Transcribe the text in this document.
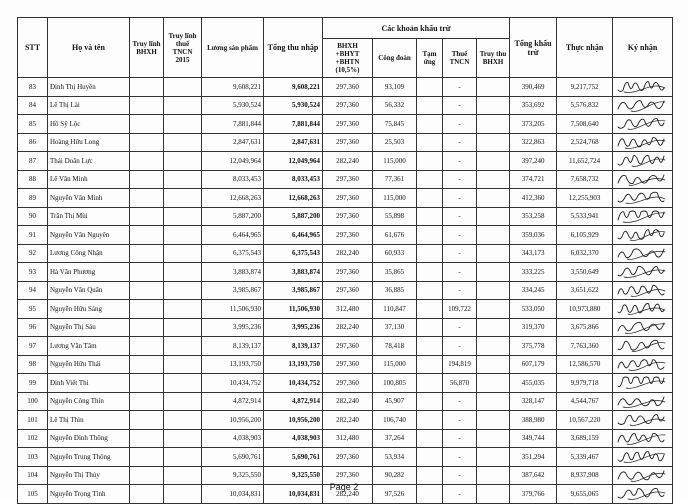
STT	Họ và tên	Truy lĩnh BHXH	Truy lĩnh thuế TNCN 2015	Lương sản phẩm	Tổng thu nhập	Các khoản khấu trừ					Tổng khấu trừ	Thực nhận	Ký nhận
						BHXH +BHYT +BHTN (10,5%)	Công đoàn	Tạm ứng	Thuế TNCN	Truy thu BHXH			
83	Đinh Thị Huyền			9,608,221	9,608,221	297,360	93,109		-		390,469	9,217,752	

84	Lê Thị Lài			5,930,524	5,930,524	297,360	56,332		-		353,692	5,576,832	

85	Hồ Sỹ Lộc			7,881,844	7,881,844	297,360	75,845		-		373,205	7,508,640	

86	Hoàng Hữu Long			2,847,631	2,847,631	297,360	25,503		-		322,863	2,524,768	

87	Thái Doãn Lực			12,049,964	12,049,964	282,240	115,000		-		397,240	11,652,724	

88	Lê Văn Minh			8,033,453	8,033,453	297,360	77,361		-		374,721	7,658,732	

89	Nguyễn Văn Minh			12,668,263	12,668,263	297,360	115,000		-		412,360	12,255,903	

90	Trần Thị Mùi			5,887,200	5,887,200	297,360	55,898		-		353,258	5,533,941	

91	Nguyễn Văn Nguyên			6,464,965	6,464,965	297,360	61,676		-		359,036	6,105,929	

92	Lương Công Nhận			6,375,543	6,375,543	282,240	60,933		-		343,173	6,032,370	

93	Hà Văn Phương			3,883,874	3,883,874	297,360	35,865		-		333,225	3,550,649	

94	Nguyễn Văn Quân			3,985,867	3,985,867	297,360	36,885		-		334,245	3,651,622	

95	Nguyễn Hữu Sáng			11,506,930	11,506,930	312,480	110,847		109,722		533,050	10,973,880	

96	Nguyễn Thị Sáu			3,995,236	3,995,236	282,240	37,130		-		319,370	3,675,866	

97	Lương Văn Tâm			8,139,137	8,139,137	297,360	78,418		-		375,778	7,763,360	

98	Nguyễn Hữu Thái			13,193,750	13,193,750	297,360	115,000		194,819		607,179	12,586,570	

99	Đinh Viết Thi			10,434,752	10,434,752	297,360	100,805		56,870		455,035	9,979,718	

100	Nguyễn Công Thìn			4,872,914	4,872,914	282,240	45,907		-		328,147	4,544,767	

101	Lê Thị Thìn			10,956,200	10,956,200	282,240	106,740		-		388,980	10,567,220	

102	Nguyễn Đình Thông			4,038,903	4,038,903	312,480	37,264		-		349,744	3,689,159	

103	Nguyễn Trung Thông			5,690,761	5,690,761	297,360	53,934		-		351,294	5,339,467	

104	Nguyễn Thị Thủy			9,325,550	9,325,550	297,360	90,282		-		387,642	8,937,908	

105	Nguyễn Trọng Tình			10,034,831	10,034,831	282,240	97,526		-		379,766	9,655,065	
Page 2
